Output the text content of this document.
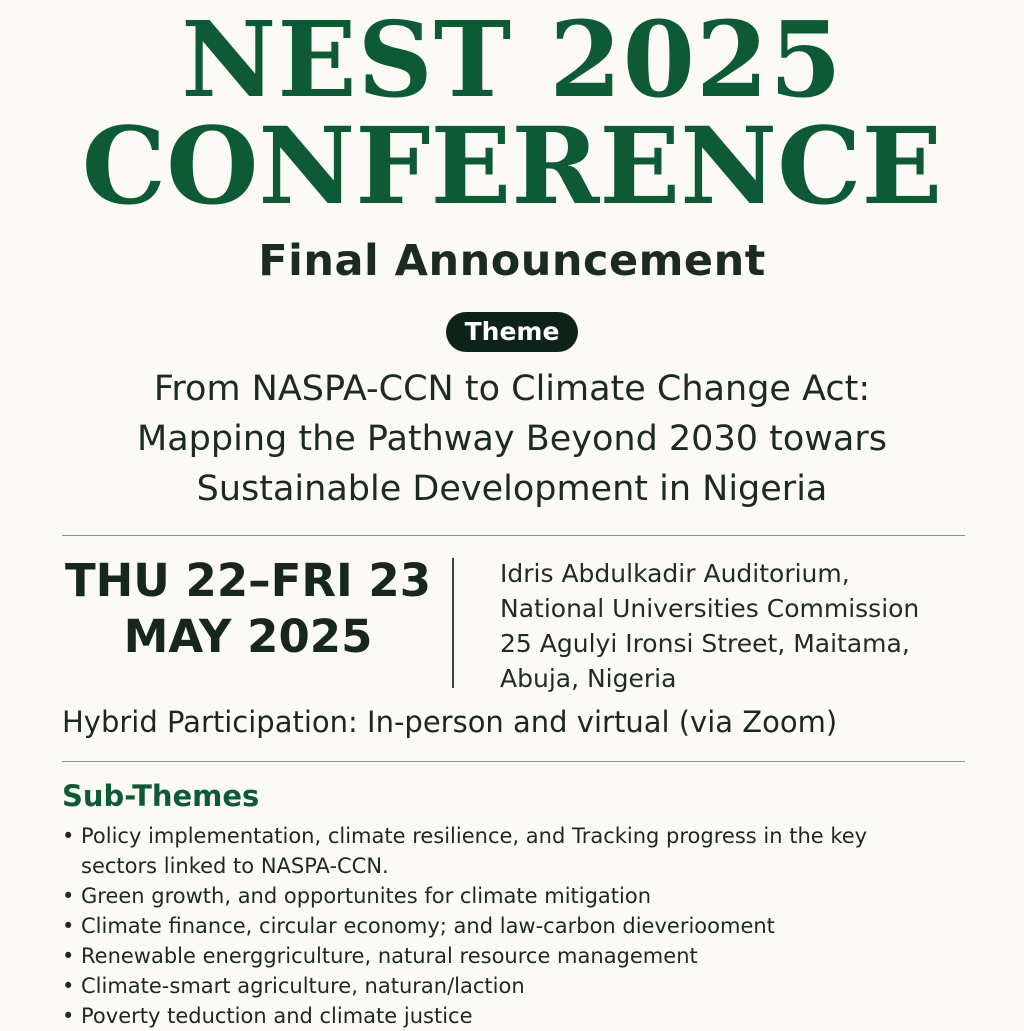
NEST 2025
CONFERENCE
Final Announcement
Theme
From NASPA-CCN to Climate Change Act:
Mapping the Pathway Beyond 2030 towars
Sustainable Development in Nigeria
THU 22–FRI 23
MAY 2025
Idris Abdulkadir Auditorium,
National Universities Commission
25 Agulyi Ironsi Street, Maitama,
Abuja, Nigeria
Hybrid Participation: In-person and virtual (via Zoom)
Sub-Themes
• Policy implementation, climate resilience, and Tracking progress in the key
sectors linked to NASPA-CCN.
• Green growth, and opportunites for climate mitigation
• Climate finance, circular economy; and law-carbon dieveriooment
• Renewable energgriculture, natural resource management
• Climate-smart agriculture, naturan/laction
• Poverty teduction and climate justice
